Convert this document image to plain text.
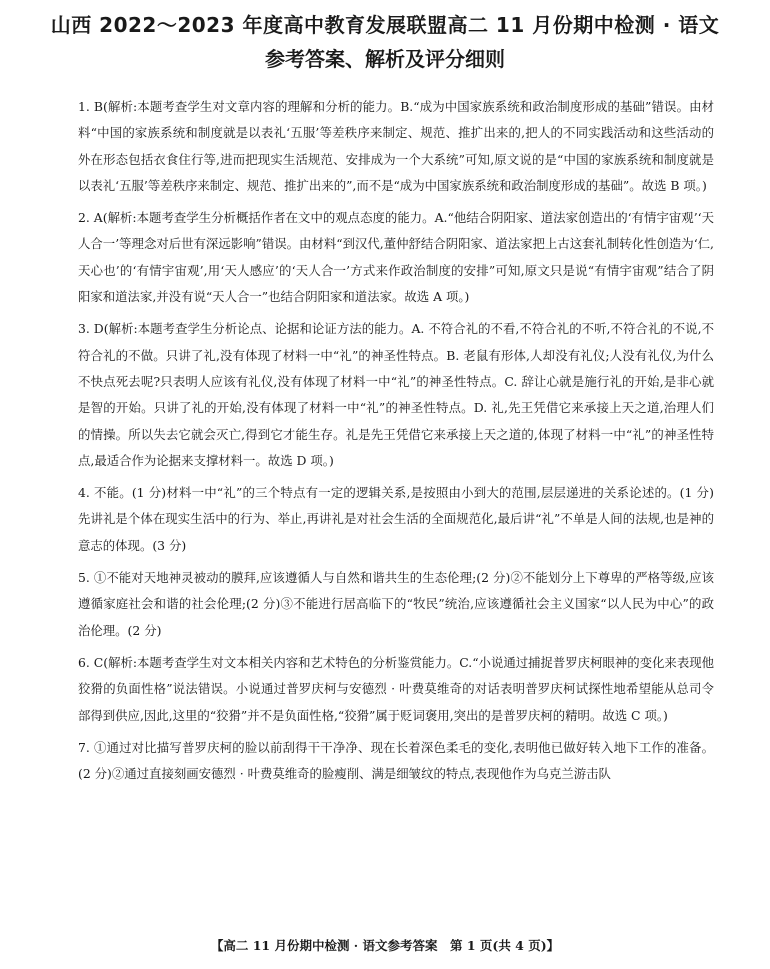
山西 2022～2023 年度高中教育发展联盟高二 11 月份期中检测 · 语文
参考答案、解析及评分细则

1. B(解析:本题考查学生对文章内容的理解和分析的能力。B.“成为中国家族系统和政治制度形成的基础”错误。由材料“中国的家族系统和制度就是以表礼‘五服’等差秩序来制定、规范、推扩出来的,把人的不同实践活动和这些活动的外在形态包括衣食住行等,进而把现实生活规范、安排成为一个大系统”可知,原文说的是“中国的家族系统和制度就是以表礼‘五服’等差秩序来制定、规范、推扩出来的”,而不是“成为中国家族系统和政治制度形成的基础”。故选 B 项。)

2. A(解析:本题考查学生分析概括作者在文中的观点态度的能力。A.“他结合阴阳家、道法家创造出的‘有情宇宙观’‘天人合一’等理念对后世有深远影响”错误。由材料“到汉代,董仲舒结合阴阳家、道法家把上古这套礼制转化性创造为‘仁,天心也’的‘有情宇宙观’,用‘天人感应’的‘天人合一’方式来作政治制度的安排”可知,原文只是说“有情宇宙观”结合了阴阳家和道法家,并没有说“天人合一”也结合阴阳家和道法家。故选 A 项。)

3. D(解析:本题考查学生分析论点、论据和论证方法的能力。A. 不符合礼的不看,不符合礼的不听,不符合礼的不说,不符合礼的不做。只讲了礼,没有体现了材料一中“礼”的神圣性特点。B. 老鼠有形体,人却没有礼仪;人没有礼仪,为什么不快点死去呢?只表明人应该有礼仪,没有体现了材料一中“礼”的神圣性特点。C. 辞让心就是施行礼的开始,是非心就是智的开始。只讲了礼的开始,没有体现了材料一中“礼”的神圣性特点。D. 礼,先王凭借它来承接上天之道,治理人们的情操。所以失去它就会灭亡,得到它才能生存。礼是先王凭借它来承接上天之道的,体现了材料一中“礼”的神圣性特点,最适合作为论据来支撑材料一。故选 D 项。)

4. 不能。(1 分)材料一中“礼”的三个特点有一定的逻辑关系,是按照由小到大的范围,层层递进的关系论述的。(1 分)先讲礼是个体在现实生活中的行为、举止,再讲礼是对社会生活的全面规范化,最后讲“礼”不单是人间的法规,也是神的意志的体现。(3 分)

5. ①不能对天地神灵被动的膜拜,应该遵循人与自然和谐共生的生态伦理;(2 分)②不能划分上下尊卑的严格等级,应该遵循家庭社会和谐的社会伦理;(2 分)③不能进行居高临下的“牧民”统治,应该遵循社会主义国家“以人民为中心”的政治伦理。(2 分)

6. C(解析:本题考查学生对文本相关内容和艺术特色的分析鉴赏能力。C.“小说通过捕捉普罗庆柯眼神的变化来表现他狡猾的负面性格”说法错误。小说通过普罗庆柯与安德烈 · 叶费莫维奇的对话表明普罗庆柯试探性地希望能从总司令部得到供应,因此,这里的“狡猾”并不是负面性格,“狡猾”属于贬词褒用,突出的是普罗庆柯的精明。故选 C 项。)

7. ①通过对比描写普罗庆柯的脸以前刮得干干净净、现在长着深色柔毛的变化,表明他已做好转入地下工作的准备。(2 分)②通过直接刻画安德烈 · 叶费莫维奇的脸瘦削、满是细皱纹的特点,表现他作为乌克兰游击队

【高二 11 月份期中检测 · 语文参考答案　第 1 页(共 4 页)】
